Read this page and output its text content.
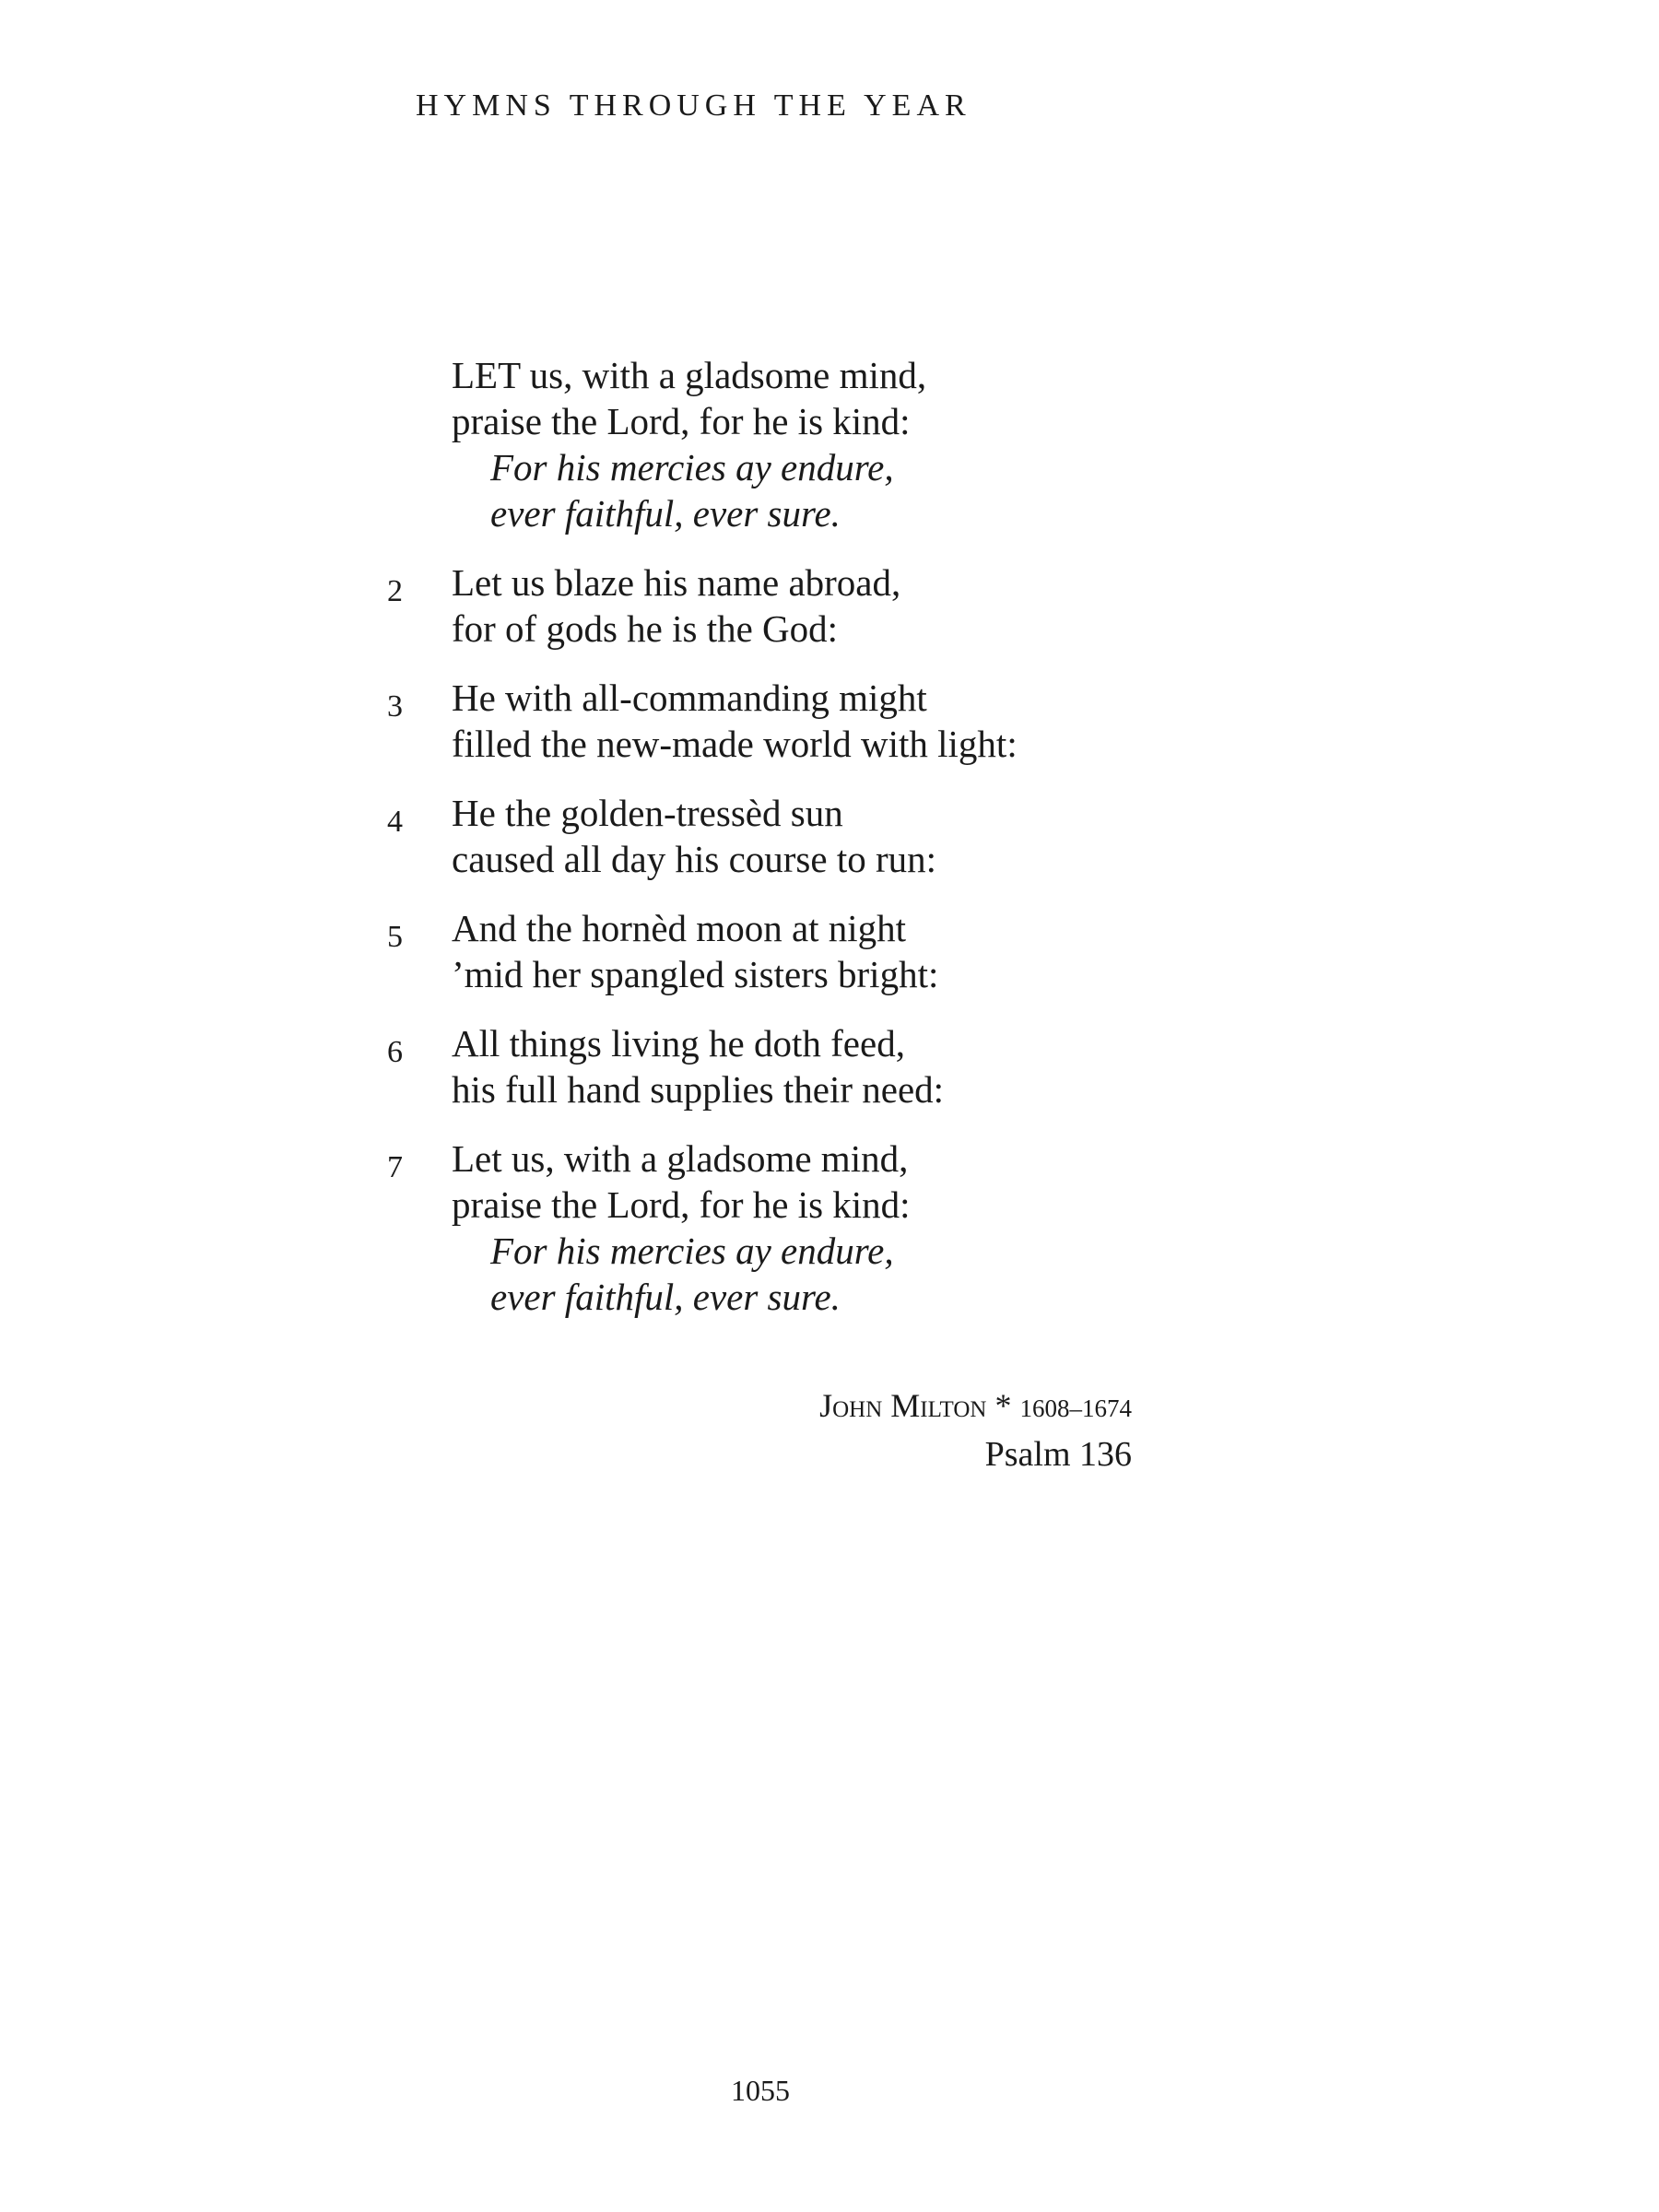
HYMNS THROUGH THE YEAR
LET us, with a gladsome mind,
praise the Lord, for he is kind:
For his mercies ay endure,
ever faithful, ever sure.
2 Let us blaze his name abroad,
for of gods he is the God:
3 He with all-commanding might
filled the new-made world with light:
4 He the golden-tressèd sun
caused all day his course to run:
5 And the hornèd moon at night
’mid her spangled sisters bright:
6 All things living he doth feed,
his full hand supplies their need:
7 Let us, with a gladsome mind,
praise the Lord, for he is kind:
For his mercies ay endure,
ever faithful, ever sure.
John Milton * 1608–1674
Psalm 136
1055
